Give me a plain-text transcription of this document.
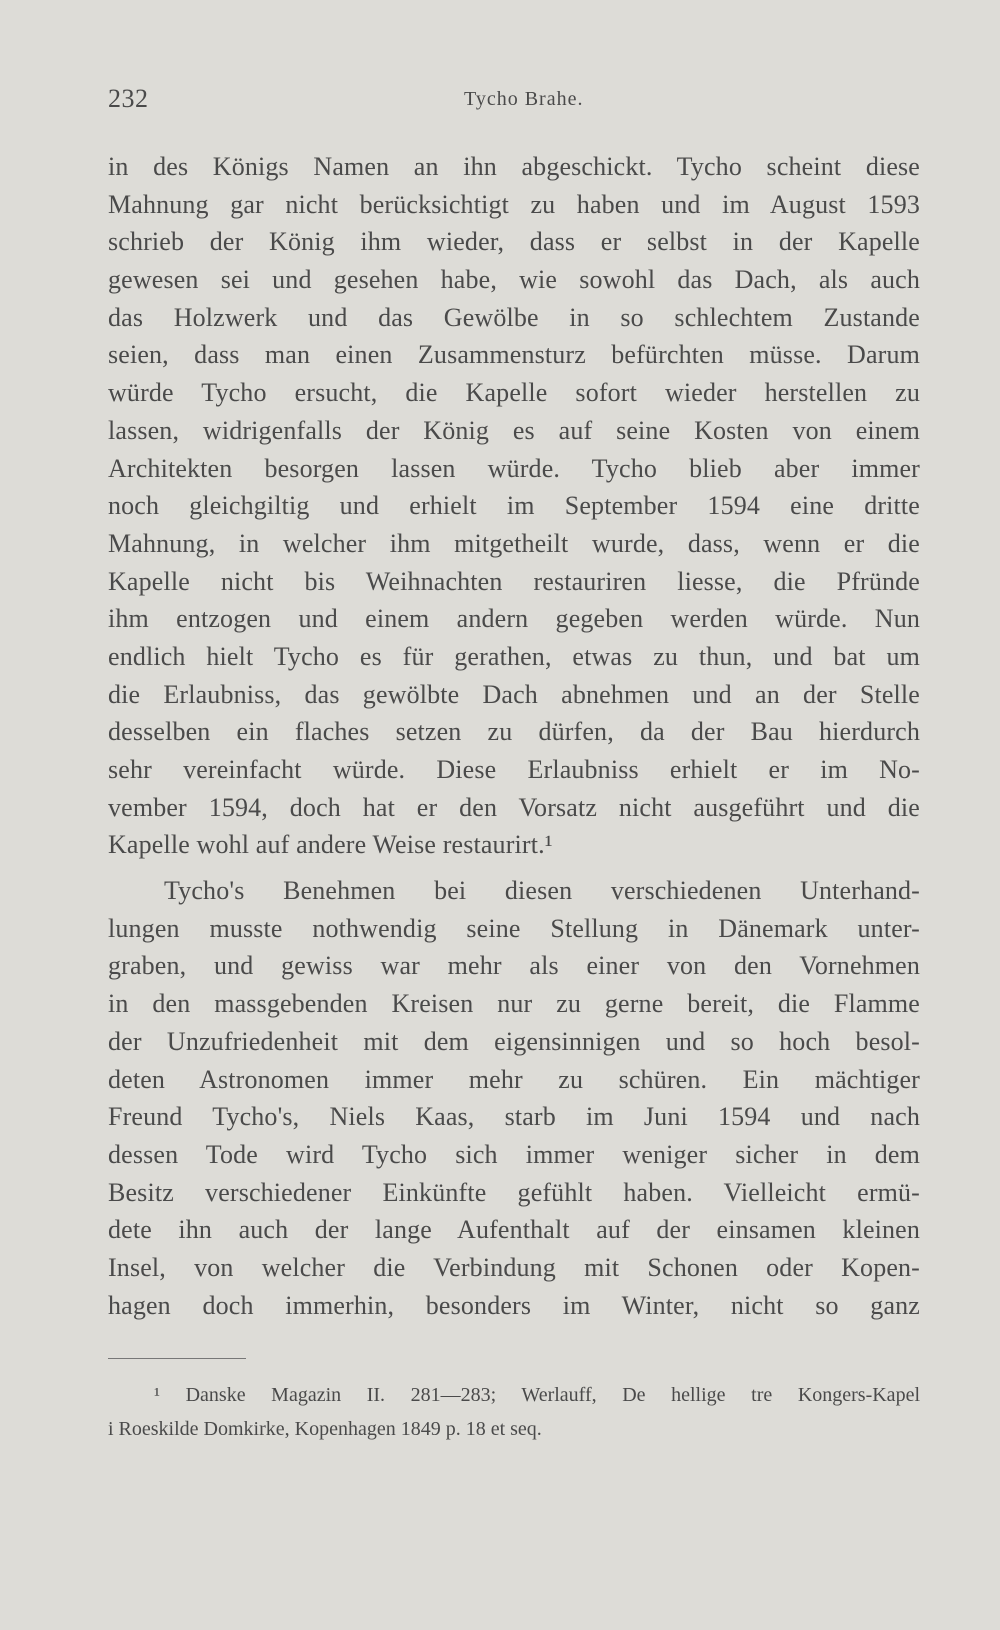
232	Tycho Brahe.
in des Königs Namen an ihn abgeschickt. Tycho scheint diese
Mahnung gar nicht berücksichtigt zu haben und im August 1593
schrieb der König ihm wieder, dass er selbst in der Kapelle
gewesen sei und gesehen habe, wie sowohl das Dach, als auch
das Holzwerk und das Gewölbe in so schlechtem Zustande
seien, dass man einen Zusammensturz befürchten müsse. Darum
würde Tycho ersucht, die Kapelle sofort wieder herstellen zu
lassen, widrigenfalls der König es auf seine Kosten von einem
Architekten besorgen lassen würde. Tycho blieb aber immer
noch gleichgiltig und erhielt im September 1594 eine dritte
Mahnung, in welcher ihm mitgetheilt wurde, dass, wenn er die
Kapelle nicht bis Weihnachten restauriren liesse, die Pfründe
ihm entzogen und einem andern gegeben werden würde. Nun
endlich hielt Tycho es für gerathen, etwas zu thun, und bat um
die Erlaubniss, das gewölbte Dach abnehmen und an der Stelle
desselben ein flaches setzen zu dürfen, da der Bau hierdurch
sehr vereinfacht würde. Diese Erlaubniss erhielt er im No-
vember 1594, doch hat er den Vorsatz nicht ausgeführt und die
Kapelle wohl auf andere Weise restaurirt.¹
Tycho's Benehmen bei diesen verschiedenen Unterhand-
lungen musste nothwendig seine Stellung in Dänemark unter-
graben, und gewiss war mehr als einer von den Vornehmen
in den massgebenden Kreisen nur zu gerne bereit, die Flamme
der Unzufriedenheit mit dem eigensinnigen und so hoch besol-
deten Astronomen immer mehr zu schüren. Ein mächtiger
Freund Tycho's, Niels Kaas, starb im Juni 1594 und nach
dessen Tode wird Tycho sich immer weniger sicher in dem
Besitz verschiedener Einkünfte gefühlt haben. Vielleicht ermü-
dete ihn auch der lange Aufenthalt auf der einsamen kleinen
Insel, von welcher die Verbindung mit Schonen oder Kopen-
hagen doch immerhin, besonders im Winter, nicht so ganz
¹ Danske Magazin II. 281—283; Werlauff, De hellige tre Kongers-Kapel
i Roeskilde Domkirke, Kopenhagen 1849 p. 18 et seq.
